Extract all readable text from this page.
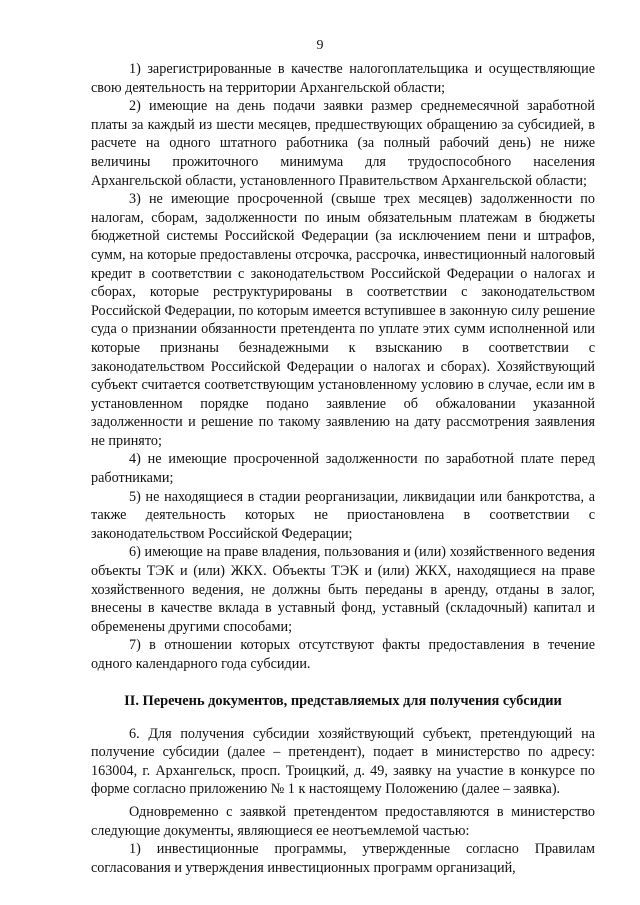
9

1) зарегистрированные в качестве налогоплательщика и осуществляющие свою деятельность на территории Архангельской области;

2) имеющие на день подачи заявки размер среднемесячной заработной платы за каждый из шести месяцев, предшествующих обращению за субсидией, в расчете на одного штатного работника (за полный рабочий день) не ниже величины прожиточного минимума для трудоспособного населения Архангельской области, установленного Правительством Архангельской области;

3) не имеющие просроченной (свыше трех месяцев) задолженности по налогам, сборам, задолженности по иным обязательным платежам в бюджеты бюджетной системы Российской Федерации (за исключением пени и штрафов, сумм, на которые предоставлены отсрочка, рассрочка, инвестиционный налоговый кредит в соответствии с законодательством Российской Федерации о налогах и сборах, которые реструктурированы в соответствии с законодательством Российской Федерации, по которым имеется вступившее в законную силу решение суда о признании обязанности претендента по уплате этих сумм исполненной или которые признаны безнадежными к взысканию в соответствии с законодательством Российской Федерации о налогах и сборах). Хозяйствующий субъект считается соответствующим установленному условию в случае, если им в установленном порядке подано заявление об обжаловании указанной задолженности и решение по такому заявлению на дату рассмотрения заявления не принято;

4) не имеющие просроченной задолженности по заработной плате перед работниками;

5) не находящиеся в стадии реорганизации, ликвидации или банкротства, а также деятельность которых не приостановлена в соответствии с законодательством Российской Федерации;

6) имеющие на праве владения, пользования и (или) хозяйственного ведения объекты ТЭК и (или) ЖКХ. Объекты ТЭК и (или) ЖКХ, находящиеся на праве хозяйственного ведения, не должны быть переданы в аренду, отданы в залог, внесены в качестве вклада в уставный фонд, уставный (складочный) капитал и обременены другими способами;

7) в отношении которых отсутствуют факты предоставления в течение одного календарного года субсидии.

II. Перечень документов, представляемых для получения субсидии

6. Для получения субсидии хозяйствующий субъект, претендующий на получение субсидии (далее – претендент), подает в министерство по адресу: 163004, г. Архангельск, просп. Троицкий, д. 49, заявку на участие в конкурсе по форме согласно приложению № 1 к настоящему Положению (далее – заявка).

Одновременно с заявкой претендентом предоставляются в министерство следующие документы, являющиеся ее неотъемлемой частью:

1) инвестиционные программы, утвержденные согласно Правилам согласования и утверждения инвестиционных программ организаций,
